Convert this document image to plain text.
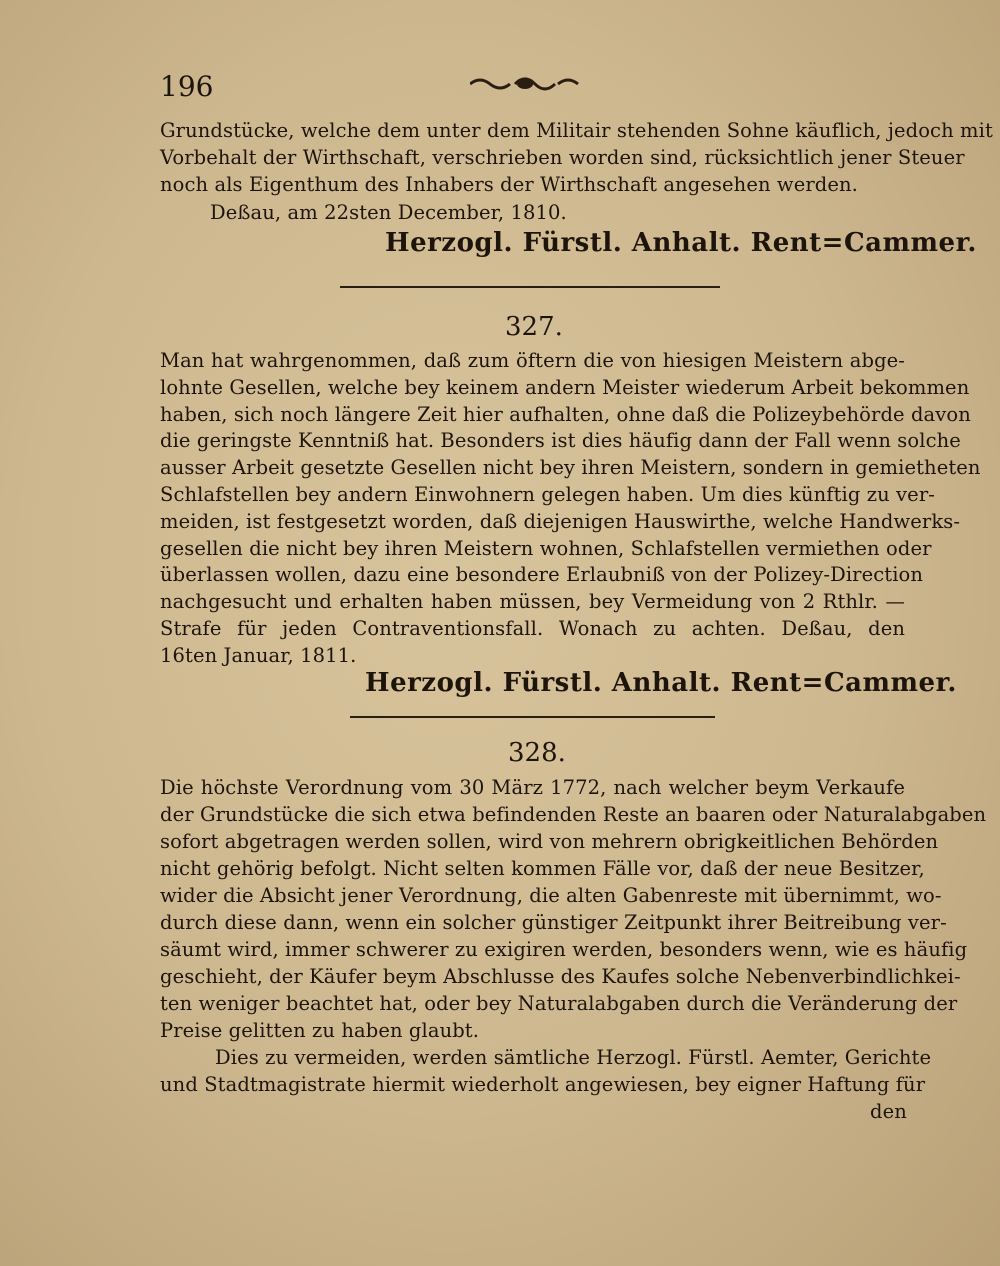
196
Grundstücke, welche dem unter dem Militair stehenden Sohne käuflich, jedoch mit
Vorbehalt der Wirthschaft, verschrieben worden sind, rücksichtlich jener Steuer
noch als Eigenthum des Inhabers der Wirthschaft angesehen werden.
Deßau, am 22sten December, 1810.
Herzogl. Fürstl. Anhalt. Rent=Cammer.
327.
Man hat wahrgenommen, daß zum öftern die von hiesigen Meistern abge-
lohnte Gesellen, welche bey keinem andern Meister wiederum Arbeit bekommen
haben, sich noch längere Zeit hier aufhalten, ohne daß die Polizeybehörde davon
die geringste Kenntniß hat. Besonders ist dies häufig dann der Fall wenn solche
ausser Arbeit gesetzte Gesellen nicht bey ihren Meistern, sondern in gemietheten
Schlafstellen bey andern Einwohnern gelegen haben. Um dies künftig zu ver-
meiden, ist festgesetzt worden, daß diejenigen Hauswirthe, welche Handwerks-
gesellen die nicht bey ihren Meistern wohnen, Schlafstellen vermiethen oder
überlassen wollen, dazu eine besondere Erlaubniß von der Polizey-Direction
nachgesucht und erhalten haben müssen, bey Vermeidung von 2 Rthlr. —
Strafe für jeden Contraventionsfall. Wonach zu achten. Deßau, den
16ten Januar, 1811.
Herzogl. Fürstl. Anhalt. Rent=Cammer.
328.
Die höchste Verordnung vom 30 März 1772, nach welcher beym Verkaufe
der Grundstücke die sich etwa befindenden Reste an baaren oder Naturalabgaben
sofort abgetragen werden sollen, wird von mehrern obrigkeitlichen Behörden
nicht gehörig befolgt. Nicht selten kommen Fälle vor, daß der neue Besitzer,
wider die Absicht jener Verordnung, die alten Gabenreste mit übernimmt, wo-
durch diese dann, wenn ein solcher günstiger Zeitpunkt ihrer Beitreibung ver-
säumt wird, immer schwerer zu exigiren werden, besonders wenn, wie es häufig
geschieht, der Käufer beym Abschlusse des Kaufes solche Nebenverbindlichkei-
ten weniger beachtet hat, oder bey Naturalabgaben durch die Veränderung der
Preise gelitten zu haben glaubt.
Dies zu vermeiden, werden sämtliche Herzogl. Fürstl. Aemter, Gerichte
und Stadtmagistrate hiermit wiederholt angewiesen, bey eigner Haftung für
den
